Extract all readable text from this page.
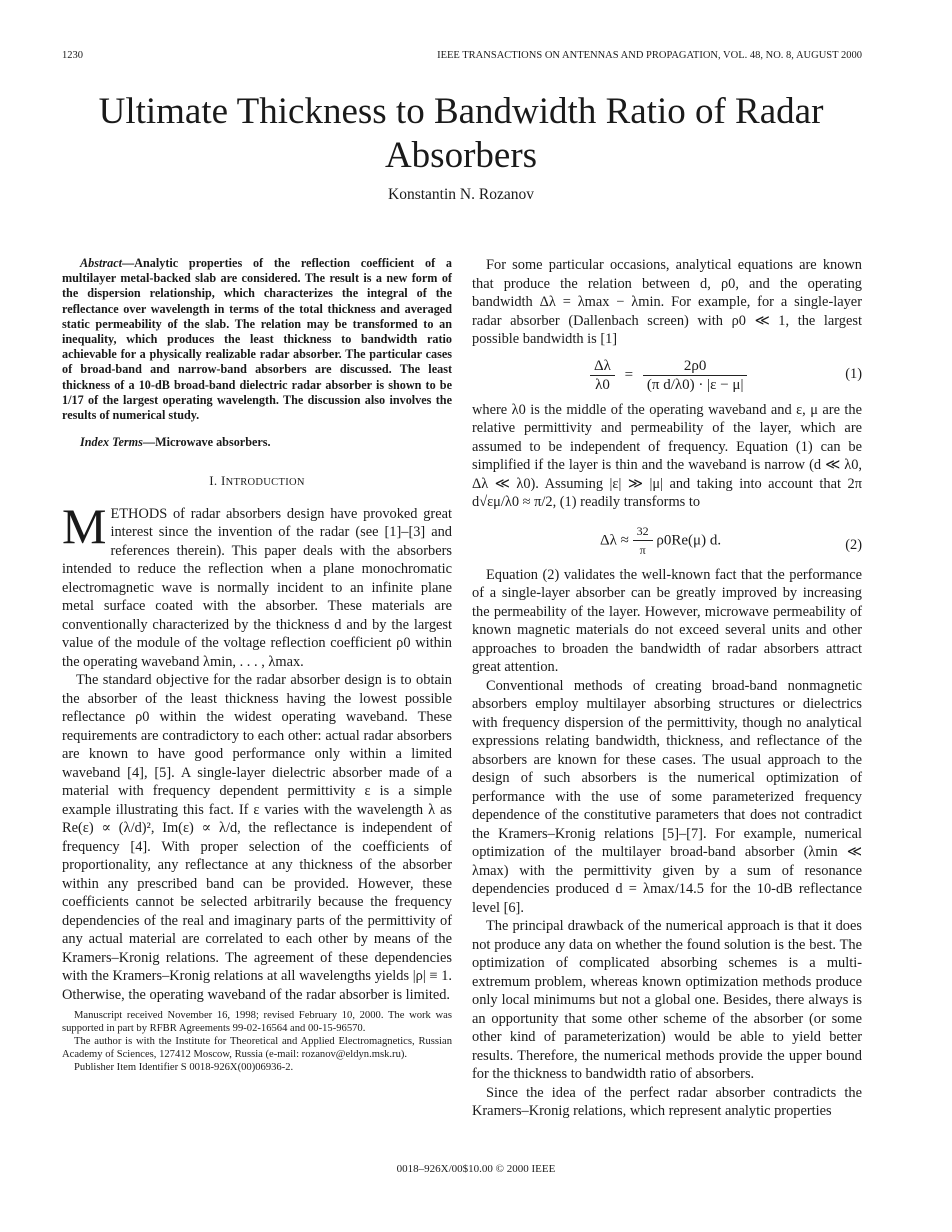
1230	IEEE TRANSACTIONS ON ANTENNAS AND PROPAGATION, VOL. 48, NO. 8, AUGUST 2000
Ultimate Thickness to Bandwidth Ratio of Radar Absorbers
Konstantin N. Rozanov

Abstract—Analytic properties of the reflection coefficient of a multilayer metal-backed slab are considered. The result is a new form of the dispersion relationship, which characterizes the integral of the reflectance over wavelength in terms of the total thickness and averaged static permeability of the slab. The relation may be transformed to an inequality, which produces the least thickness to bandwidth ratio achievable for a physically realizable radar absorber. The particular cases of broad-band and narrow-band absorbers are discussed. The least thickness of a 10-dB broad-band dielectric radar absorber is shown to be 1/17 of the largest operating wavelength. The discussion also involves the results of numerical study.

Index Terms—Microwave absorbers.

I. INTRODUCTION

METHODS of radar absorbers design have provoked great interest since the invention of the radar (see [1]–[3] and references therein). This paper deals with the absorbers intended to reduce the reflection when a plane monochromatic electromagnetic wave is normally incident to an infinite plane metal surface coated with the absorber. These materials are conventionally characterized by the thickness d and by the largest value of the module of the voltage reflection coefficient ρ0 within the operating waveband λmin, . . . , λmax.

The standard objective for the radar absorber design is to obtain the absorber of the least thickness having the lowest possible reflectance ρ0 within the widest operating waveband. These requirements are contradictory to each other: actual radar absorbers are known to have good performance only within a limited waveband [4], [5]. A single-layer dielectric absorber made of a material with frequency dependent permittivity ε is a simple example illustrating this fact. If ε varies with the wavelength λ as Re(ε) ∝ (λ/d)², Im(ε) ∝ λ/d, the reflectance is independent of frequency [4]. With proper selection of the coefficients of proportionality, any reflectance at any thickness of the absorber within any prescribed band can be provided. However, these coefficients cannot be selected arbitrarily because the frequency dependencies of the real and imaginary parts of the permittivity of any actual material are correlated to each other by means of the Kramers–Kronig relations. The agreement of these dependencies with the Kramers–Kronig relations at all wavelengths yields |ρ| ≡ 1. Otherwise, the operating waveband of the radar absorber is limited.

Manuscript received November 16, 1998; revised February 10, 2000. The work was supported in part by RFBR Agreements 99-02-16564 and 00-15-96570.

The author is with the Institute for Theoretical and Applied Electromagnetics, Russian Academy of Sciences, 127412 Moscow, Russia (e-mail: rozanov@eldyn.msk.ru).

Publisher Item Identifier S 0018-926X(00)06936-2.

For some particular occasions, analytical equations are known that produce the relation between d, ρ0, and the operating bandwidth Δλ = λmax − λmin. For example, for a single-layer radar absorber (Dallenbach screen) with ρ0 ≪ 1, the largest possible bandwidth is [1]

$\frac{\Delta\lambda}{\lambda 0} = \frac{2\rho 0}{\text{(π d/λ0) · |ε − μ|}}$	(1)

where λ0 is the middle of the operating waveband and ε, μ are the relative permittivity and permeability of the layer, which are assumed to be independent of frequency. Equation (1) can be simplified if the layer is thin and the waveband is narrow (d ≪ λ0, Δλ ≪ λ0). Assuming |ε| ≫ |μ| and taking into account that 2π d√εμ/λ0 ≈ π/2, (1) readily transforms to

$\Delta\lambda \approx \frac{32}{\pi} \rho 0Re(\mu)$ d.	(2)

Equation (2) validates the well-known fact that the performance of a single-layer absorber can be greatly improved by increasing the permeability of the layer. However, microwave permeability of known magnetic materials do not exceed several units and other approaches to broaden the bandwidth of radar absorbers attract great attention.

Conventional methods of creating broad-band nonmagnetic absorbers employ multilayer absorbing structures or dielectrics with frequency dispersion of the permittivity, though no analytical expressions relating bandwidth, thickness, and reflectance of the absorbers are known for these cases. The usual approach to the design of such absorbers is the numerical optimization of performance with the use of some parameterized frequency dependence of the constitutive parameters that does not contradict the Kramers–Kronig relations [5]–[7]. For example, numerical optimization of the multilayer broad-band absorber (λmin ≪ λmax) with the permittivity given by a sum of resonance dependencies produced d = λmax/14.5 for the 10-dB reflectance level [6].

The principal drawback of the numerical approach is that it does not produce any data on whether the found solution is the best. The optimization of complicated absorbing schemes is a multi-extremum problem, whereas known optimization methods produce only local minimums but not a global one. Besides, there always is an opportunity that some other scheme of the absorber (or some other kind of parameterization) would be able to yield better results. Therefore, the numerical methods provide the upper bound for the thickness to bandwidth ratio of absorbers.

Since the idea of the perfect radar absorber contradicts the Kramers–Kronig relations, which represent analytic properties

0018–926X/00$10.00 © 2000 IEEE
